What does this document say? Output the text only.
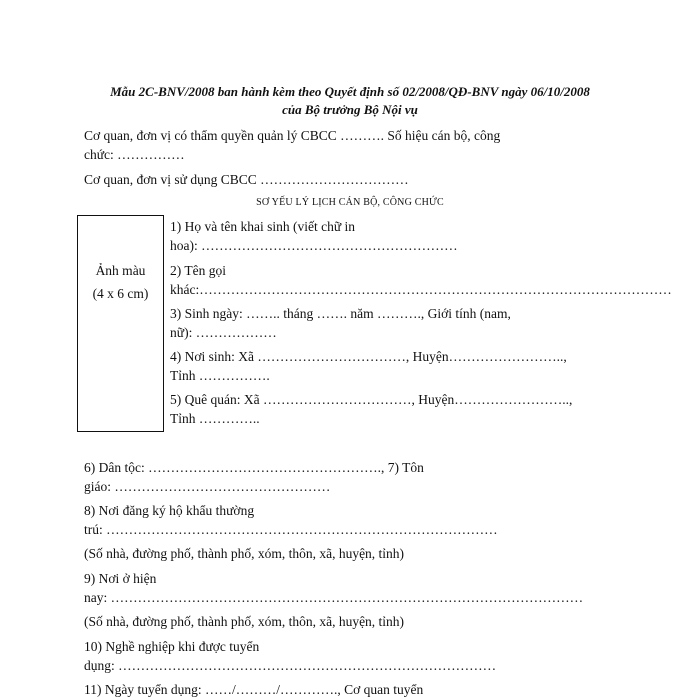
Mẫu 2C-BNV/2008 ban hành kèm theo Quyết định số 02/2008/QĐ-BNV ngày 06/10/2008
của Bộ trưởng Bộ Nội vụ
Cơ quan, đơn vị có thẩm quyền quản lý CBCC ………. Số hiệu cán bộ, công
chức: ……………
Cơ quan, đơn vị sử dụng CBCC ……………………………
SƠ YẾU LÝ LỊCH CÁN BỘ, CÔNG CHỨC
Ảnh màu
(4 x 6 cm)
1) Họ và tên khai sinh (viết chữ in
hoa): …………………………………………………
2) Tên gọi
khác:……………………………………………………………………………………………
3) Sinh ngày: …….. tháng ……. năm ………., Giới tính (nam,
nữ): ………………
4) Nơi sinh: Xã ……………………………, Huyện……………………..,
Tỉnh …………….
5) Quê quán: Xã ……………………………, Huyện……………………..,
Tỉnh …………..
6) Dân tộc: ……………………………………………., 7) Tôn
giáo: …………………………………………
8) Nơi đăng ký hộ khẩu thường
trú: ……………………………………………………………………………
(Số nhà, đường phố, thành phố, xóm, thôn, xã, huyện, tỉnh)
9) Nơi ở hiện
nay: ……………………………………………………………………………………………
(Số nhà, đường phố, thành phố, xóm, thôn, xã, huyện, tỉnh)
10) Nghề nghiệp khi được tuyển
dụng: …………………………………………………………………………
11) Ngày tuyển dụng: ……/………/…………., Cơ quan tuyển
